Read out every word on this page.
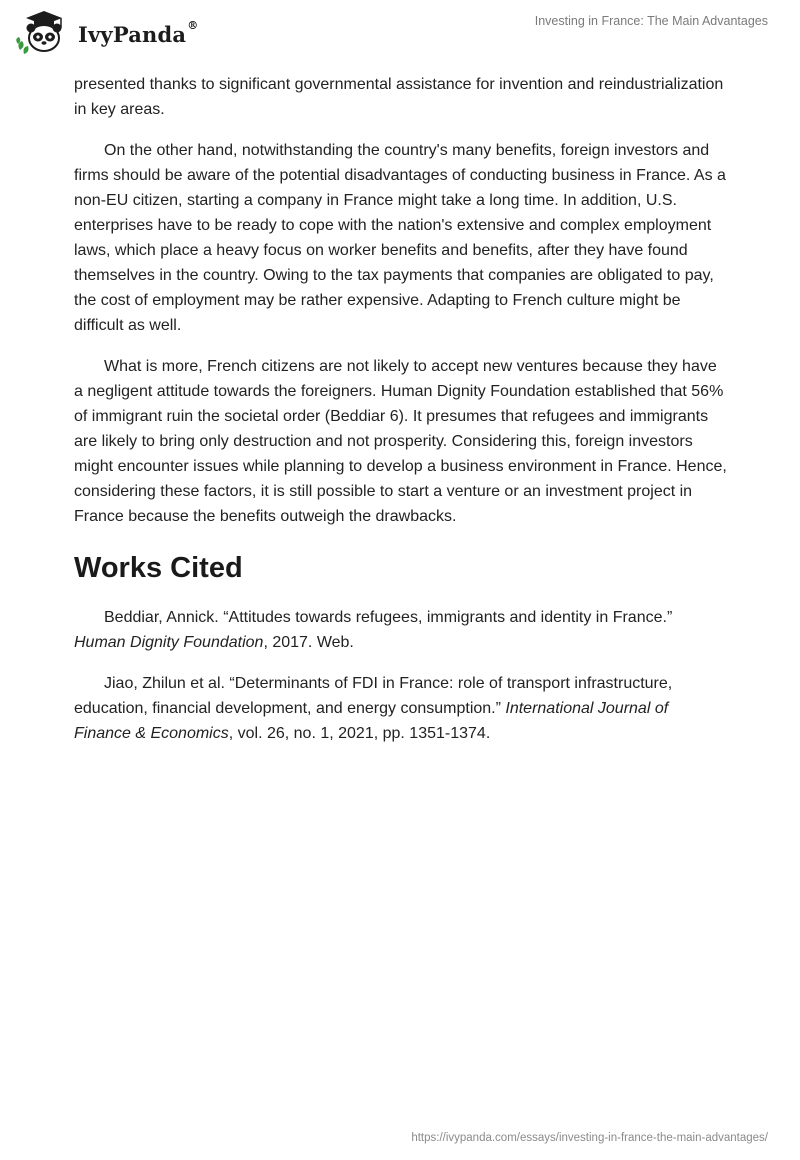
IvyPanda®	Investing in France: The Main Advantages

presented thanks to significant governmental assistance for invention and reindustrialization in key areas.

On the other hand, notwithstanding the country's many benefits, foreign investors and firms should be aware of the potential disadvantages of conducting business in France. As a non-EU citizen, starting a company in France might take a long time. In addition, U.S. enterprises have to be ready to cope with the nation's extensive and complex employment laws, which place a heavy focus on worker benefits and benefits, after they have found themselves in the country. Owing to the tax payments that companies are obligated to pay, the cost of employment may be rather expensive. Adapting to French culture might be difficult as well.

What is more, French citizens are not likely to accept new ventures because they have a negligent attitude towards the foreigners. Human Dignity Foundation established that 56% of immigrant ruin the societal order (Beddiar 6). It presumes that refugees and immigrants are likely to bring only destruction and not prosperity. Considering this, foreign investors might encounter issues while planning to develop a business environment in France. Hence, considering these factors, it is still possible to start a venture or an investment project in France because the benefits outweigh the drawbacks.

Works Cited

Beddiar, Annick. “Attitudes towards refugees, immigrants and identity in France.” Human Dignity Foundation, 2017. Web.

Jiao, Zhilun et al. “Determinants of FDI in France: role of transport infrastructure, education, financial development, and energy consumption.” International Journal of Finance & Economics, vol. 26, no. 1, 2021, pp. 1351-1374.

https://ivypanda.com/essays/investing-in-france-the-main-advantages/
